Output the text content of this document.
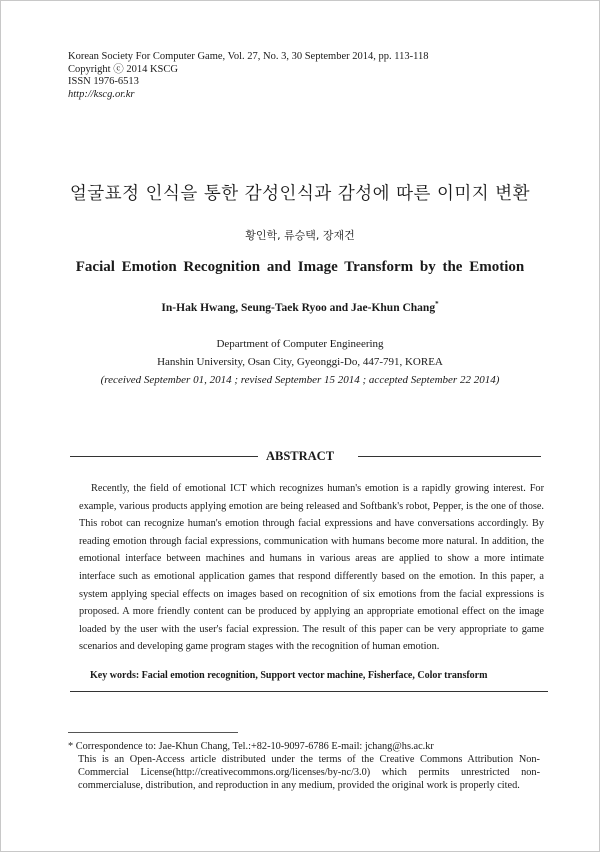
Korean Society For Computer Game, Vol. 27, No. 3, 30 September 2014, pp. 113-118
Copyright ⓒ 2014 KSCG
ISSN 1976-6513
http://kscg.or.kr
얼굴표정 인식을 통한 감성인식과 감성에 따른 이미지 변환
황인학, 류승택, 장재건
Facial Emotion Recognition and Image Transform by the Emotion
In-Hak Hwang, Seung-Taek Ryoo and Jae-Khun Chang*
Department of Computer Engineering
Hanshin University, Osan City, Gyeonggi-Do, 447-791, KOREA
(received September 01, 2014 ; revised September 15 2014 ; accepted September 22 2014)
ABSTRACT
Recently, the field of emotional ICT which recognizes human's emotion is a rapidly growing interest. For example, various products applying emotion are being released and Softbank's robot, Pepper, is the one of those. This robot can recognize human's emotion through facial expressions and have conversations accordingly. By reading emotion through facial expressions, communication with humans become more natural. In addition, the emotional interface between machines and humans in various areas are applied to show a more intimate interface such as emotional application games that respond differently based on the emotion. In this paper, a system applying special effects on images based on recognition of six emotions from the facial expressions is proposed. A more friendly content can be produced by applying an appropriate emotional effect on the image loaded by the user with the user's facial expression. The result of this paper can be very appropriate to game scenarios and developing game program stages with the recognition of human emotion.
Key words: Facial emotion recognition, Support vector machine, Fisherface, Color transform
* Correspondence to: Jae-Khun Chang, Tel.:+82-10-9097-6786 E-mail: jchang@hs.ac.kr
This is an Open-Access article distributed under the terms of the Creative Commons Attribution Non-Commercial License(http://creativecommons.org/licenses/by-nc/3.0) which permits unrestricted non-commercialuse, distribution, and reproduction in any medium, provided the original work is properly cited.
